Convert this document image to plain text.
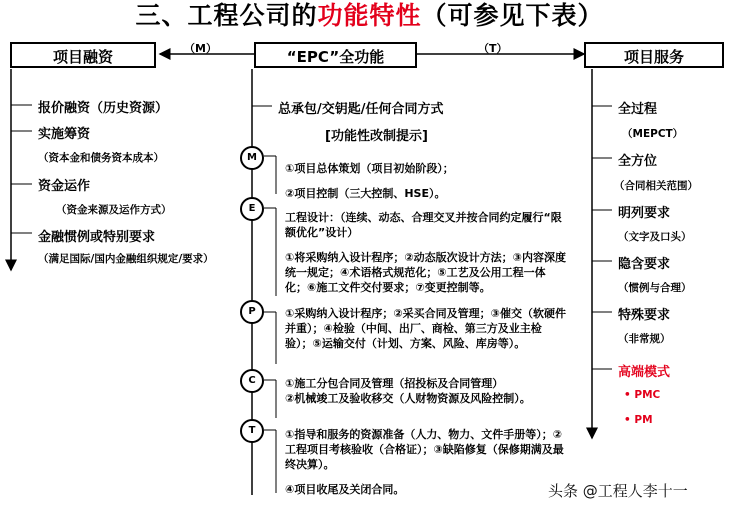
三、工程公司的功能特性（可参见下表）
项目融资	“EPC”全功能	项目服务
（M）	（T）
报价融资（历史资源）
实施筹资
（资本金和债务资本成本）
资金运作
（资金来源及运作方式）
金融惯例或特别要求
（满足国际/国内金融组织规定/要求）
总承包/交钥匙/任何合同方式
[功能性改制提示]
M
①项目总体策划（项目初始阶段）；
②项目控制（三大控制、HSE）。
E
工程设计：（连续、动态、合理交叉并按合同约定履行“限额优化”设计）
①将采购纳入设计程序；②动态版次设计方法；③内容深度统一规定；④术语格式规范化；⑤工艺及公用工程一体化；⑥施工文件交付要求；⑦变更控制等。
P	①采购纳入设计程序；②采买合同及管理；③催交（软硬件并重）；④检验（中间、出厂、商检、第三方及业主检验）；⑤运输交付（计划、方案、风险、库房等）。
C	①施工分包合同及管理（招投标及合同管理）
②机械竣工及验收移交（人财物资源及风险控制）。
T	①指导和服务的资源准备（人力、物力、文件手册等）；②工程项目考核验收（合格证）；③缺陷修复（保修期满及最终决算）。
④项目收尾及关闭合同。
全过程
（MEPCT）
全方位
（合同相关范围）
明列要求
（文字及口头）
隐含要求
（惯例与合理）
特殊要求
（非常规）
高端模式
• PMC
• PM
头条 @工程人李十一
